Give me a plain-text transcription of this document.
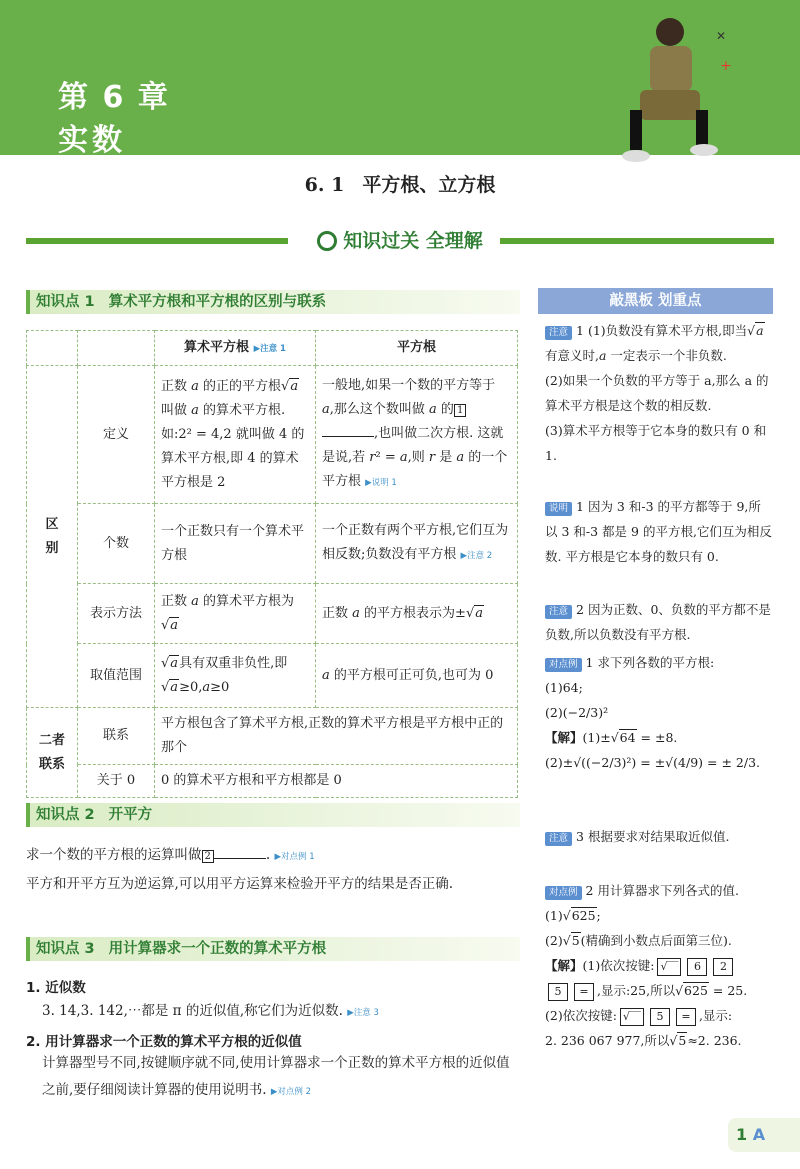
第 6 章
实数
+
✕
6. 1 平方根、立方根
知识过关 全理解
知识点 1 算术平方根和平方根的区别与联系
		算术平方根 ▶注意 1	平方根
区
别	定义	正数 a 的正的平方根√a叫做 a 的算术平方根. 如:2² = 4,2 就叫做 4 的算术平方根,即 4 的算术平方根是 2	一般地,如果一个数的平方等于 a,那么这个数叫做 a 的 1,也叫做二次方根. 这就是说,若 r² = a,则 r 是 a 的一个平方根 ▶说明 1
	个数	一个正数只有一个算术平方根	一个正数有两个平方根,它们互为相反数;负数没有平方根 ▶注意 2
	表示方法	正数 a 的算术平方根为√a	正数 a 的平方根表示为±√a
	取值范围	√a具有双重非负性,即√a≥0,a≥0	a 的平方根可正可负,也可为 0
二者
联系	联系	平方根包含了算术平方根,正数的算术平方根是平方根中正的那个	
	关于 0	0 的算术平方根和平方根都是 0	
知识点 2 开平方
求一个数的平方根的运算叫做 2	. ▶对点例 1
平方和开平方互为逆运算,可以用平方运算来检验开平方的结果是否正确.
知识点 3 用计算器求一个正数的算术平方根
1. 近似数
3. 14,3. 142,⋯都是 π 的近似值,称它们为近似数. ▶注意 3
2. 用计算器求一个正数的算术平方根的近似值
计算器型号不同,按键顺序就不同,使用计算器求一个正数的算术平方根的近似值之前,要仔细阅读计算器的使用说明书. ▶对点例 2
敲黑板 划重点
注意 1 (1)负数没有算术平方根,即当√a有意义时,a 一定表示一个非负数.
(2)如果一个负数的平方等于 a,那么 a 的算术平方根是这个数的相反数.
(3)算术平方根等于它本身的数只有 0 和 1.
说明 1 因为 3 和-3 的平方都等于 9,所以 3 和-3 都是 9 的平方根,它们互为相反数. 平方根是它本身的数只有 0.
注意 2 因为正数、0、负数的平方都不是负数,所以负数没有平方根.
对点例 1 求下列各数的平方根:
(1)64;
(2)(−2/3)²
【解】(1)±√64 = ±8.
(2)±√((−2/3)²) = ±√(4/9) = ± 2/3.
注意 3 根据要求对结果取近似值.
对点例 2 用计算器求下列各式的值.
(1)√625;
(2)√5(精确到小数点后面第三位).
【解】(1)依次按键: √‾‾ 6 2
5 = ,显示:25,所以√625 = 25.
(2)依次按键: √‾‾ 5 = ,显示:
2. 236 067 977,所以√5≈2. 236.
1 A
